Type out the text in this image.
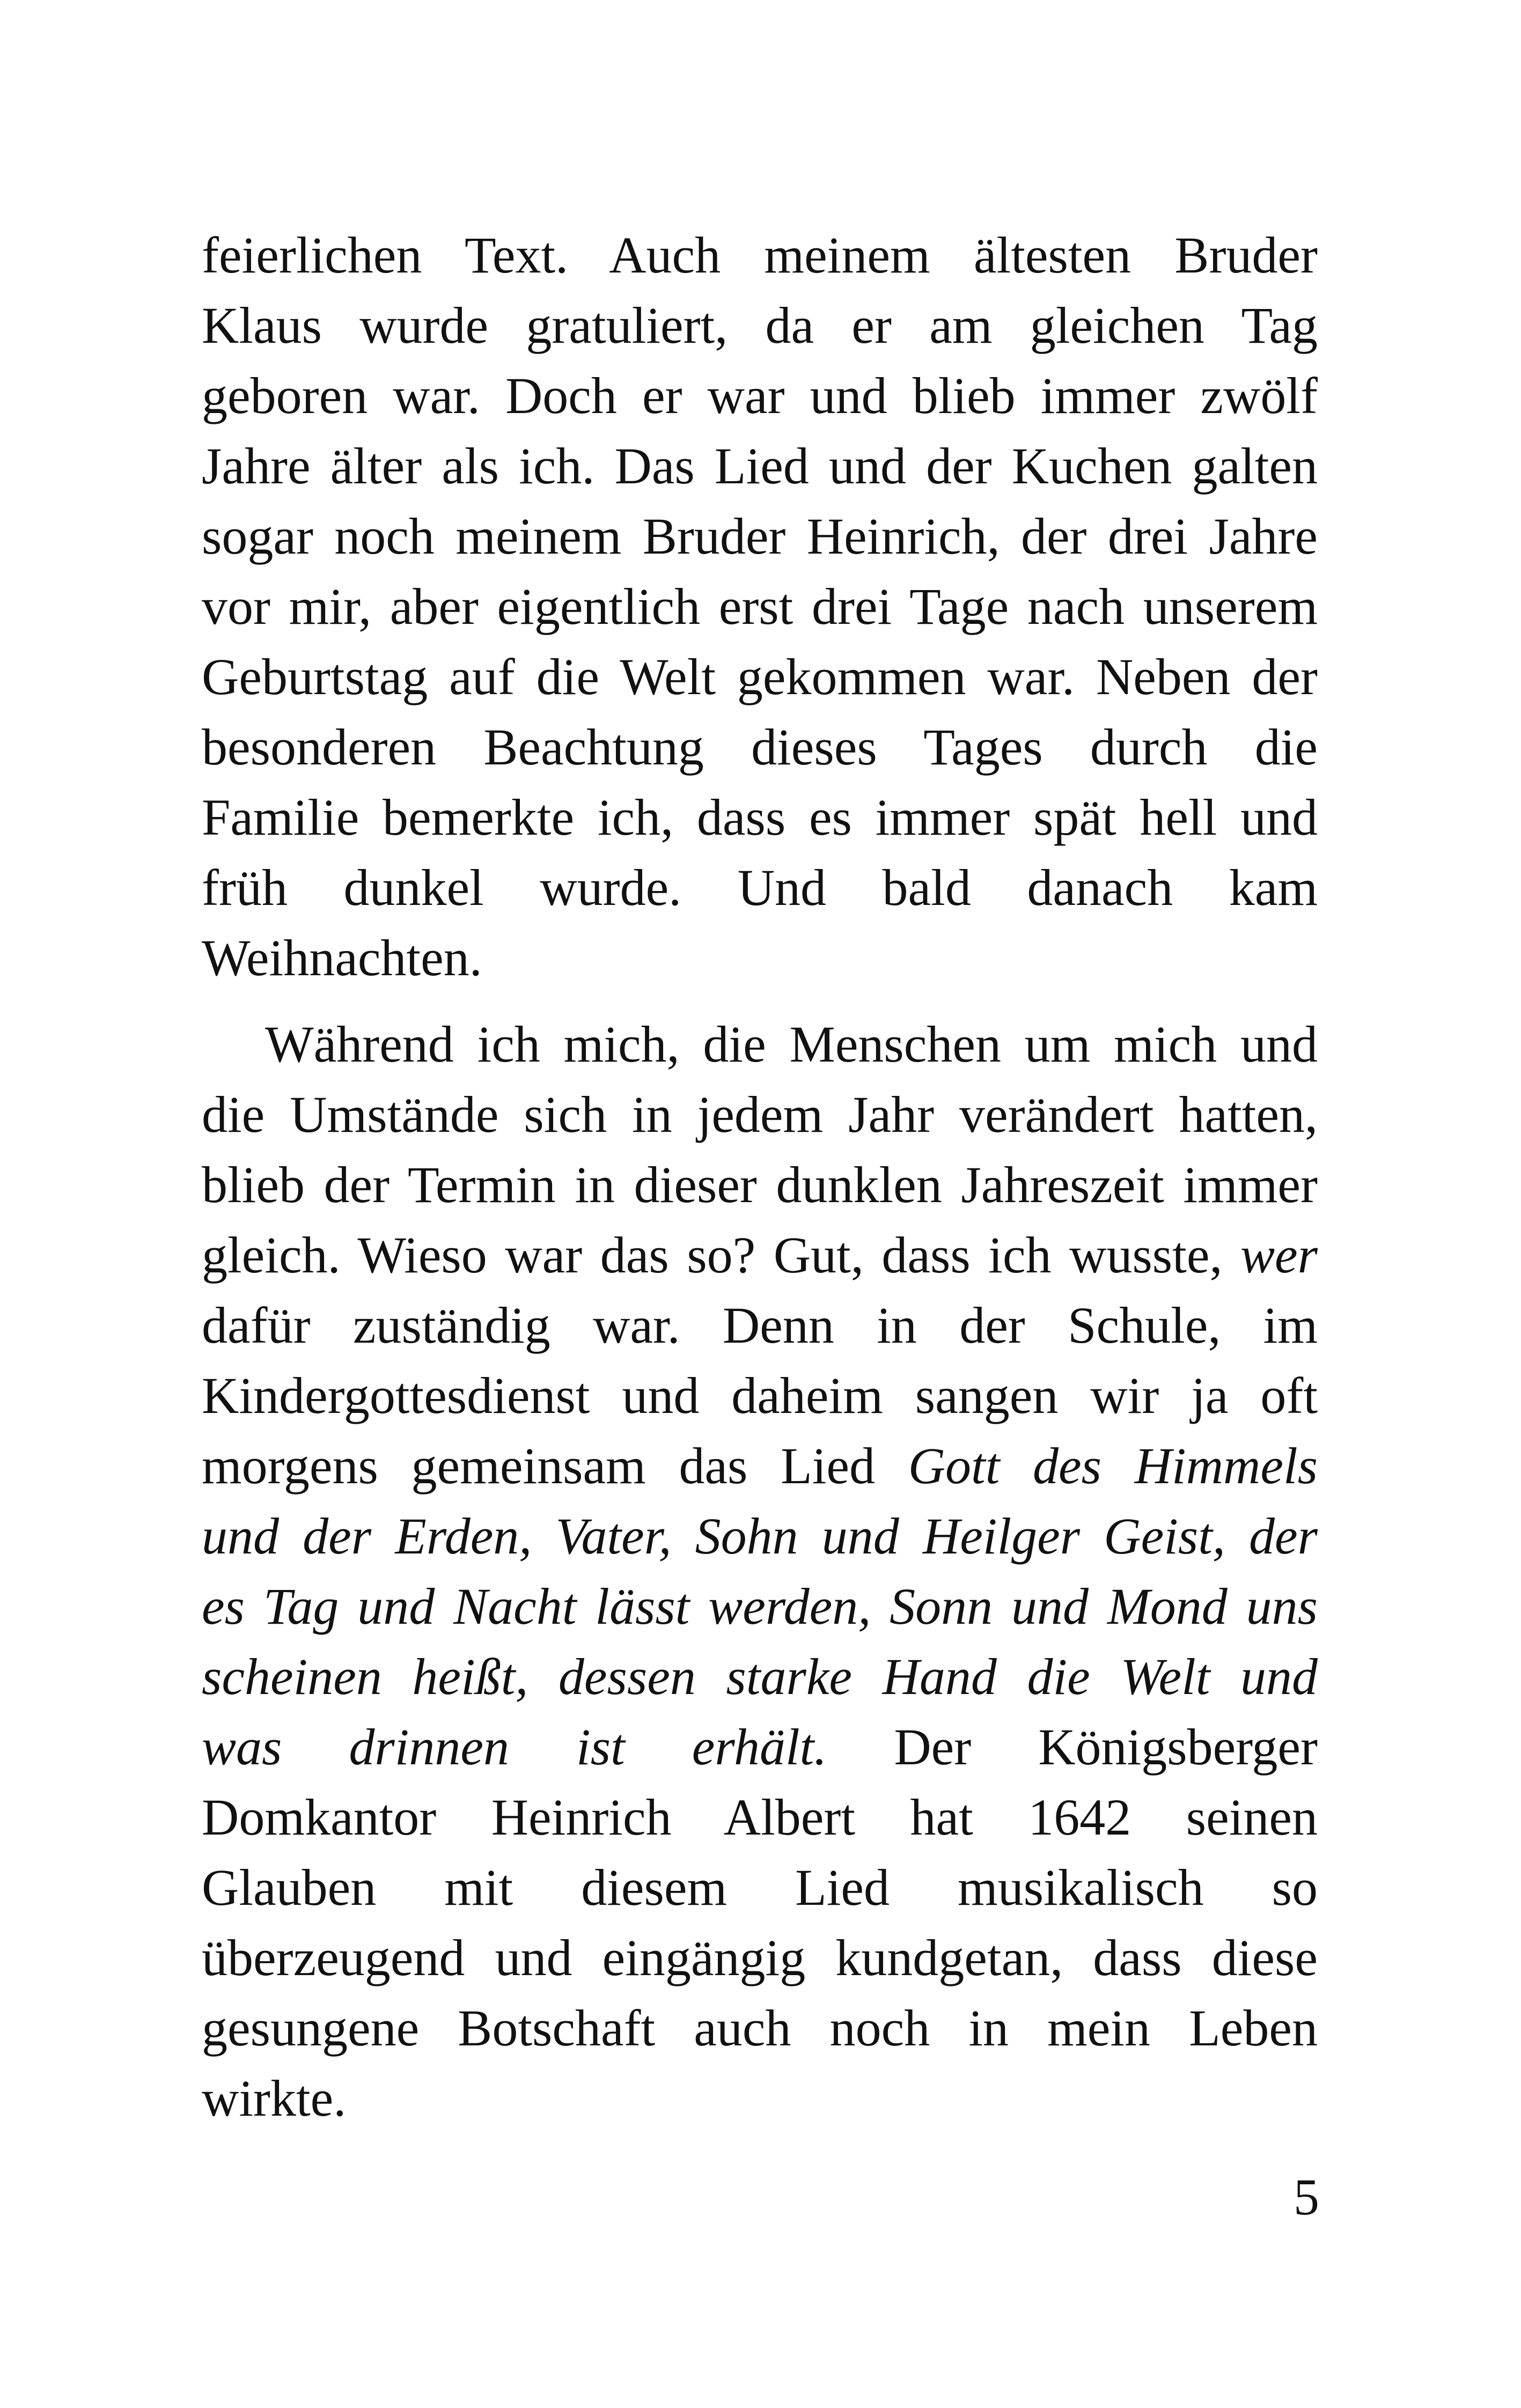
feierlichen Text. Auch meinem ältesten Bruder
Klaus wurde gratuliert, da er am gleichen Tag
geboren war. Doch er war und blieb immer zwölf
Jahre älter als ich. Das Lied und der Kuchen galten
sogar noch meinem Bruder Heinrich, der drei Jahre
vor mir, aber eigentlich erst drei Tage nach unserem
Geburtstag auf die Welt gekommen war. Neben der
besonderen Beachtung dieses Tages durch die
Familie bemerkte ich, dass es immer spät hell und
früh dunkel wurde. Und bald danach kam
Weihnachten.
Während ich mich, die Menschen um mich und
die Umstände sich in jedem Jahr verändert hatten,
blieb der Termin in dieser dunklen Jahreszeit immer
gleich. Wieso war das so? Gut, dass ich wusste, wer
dafür zuständig war. Denn in der Schule, im
Kindergottesdienst und daheim sangen wir ja oft
morgens gemeinsam das Lied Gott des Himmels
und der Erden, Vater, Sohn und Heilger Geist, der
es Tag und Nacht lässt werden, Sonn und Mond uns
scheinen heißt, dessen starke Hand die Welt und
was drinnen ist erhält. Der Königsberger
Domkantor Heinrich Albert hat 1642 seinen
Glauben mit diesem Lied musikalisch so
überzeugend und eingängig kundgetan, dass diese
gesungene Botschaft auch noch in mein Leben
wirkte.
5
